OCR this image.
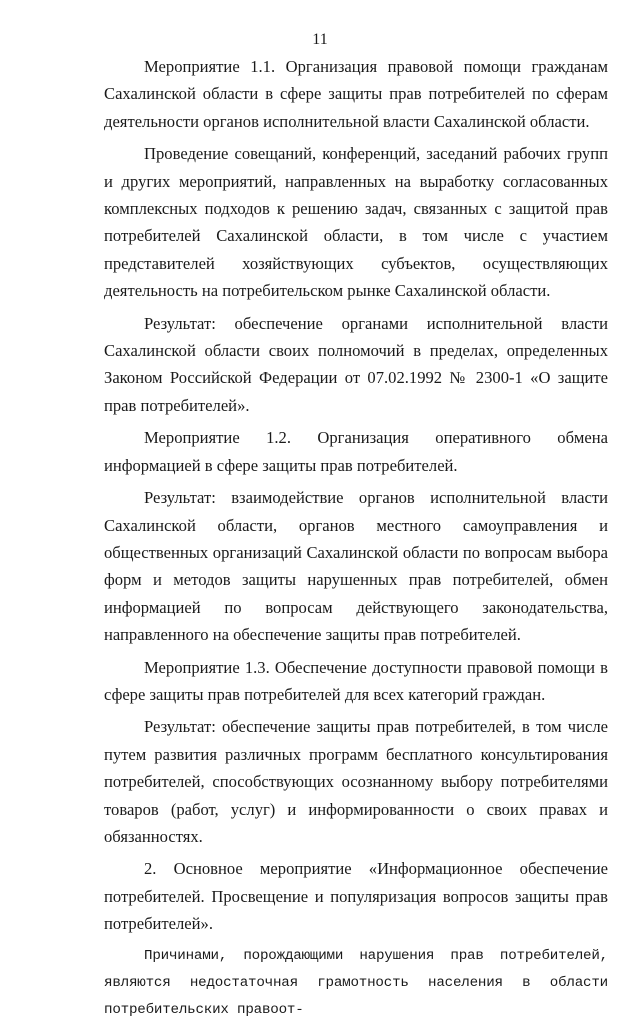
11

Мероприятие 1.1. Организация правовой помощи гражданам Сахалинской области в сфере защиты прав потребителей по сферам деятельности органов исполнительной власти Сахалинской области.

Проведение совещаний, конференций, заседаний рабочих групп и других мероприятий, направленных на выработку согласованных комплексных подходов к решению задач, связанных с защитой прав потребителей Сахалинской области, в том числе с участием представителей хозяйствующих субъектов, осуществляющих деятельность на потребительском рынке Сахалинской области.

Результат: обеспечение органами исполнительной власти Сахалинской области своих полномочий в пределах, определенных Законом Российской Федерации от 07.02.1992 № 2300-1 «О защите прав потребителей».

Мероприятие 1.2. Организация оперативного обмена информацией в сфере защиты прав потребителей.

Результат: взаимодействие органов исполнительной власти Сахалинской области, органов местного самоуправления и общественных организаций Сахалинской области по вопросам выбора форм и методов защиты нарушенных прав потребителей, обмен информацией по вопросам действующего законодательства, направленного на обеспечение защиты прав потребителей.

Мероприятие 1.3. Обеспечение доступности правовой помощи в сфере защиты прав потребителей для всех категорий граждан.

Результат: обеспечение защиты прав потребителей, в том числе путем развития различных программ бесплатного консультирования потребителей, способствующих осознанному выбору потребителями товаров (работ, услуг) и информированности о своих правах и обязанностях.

2. Основное мероприятие «Информационное обеспечение потребителей. Просвещение и популяризация вопросов защиты прав потребителей».

Причинами, порождающими нарушения прав потребителей, являются недостаточная грамотность населения в области потребительских правоот-
